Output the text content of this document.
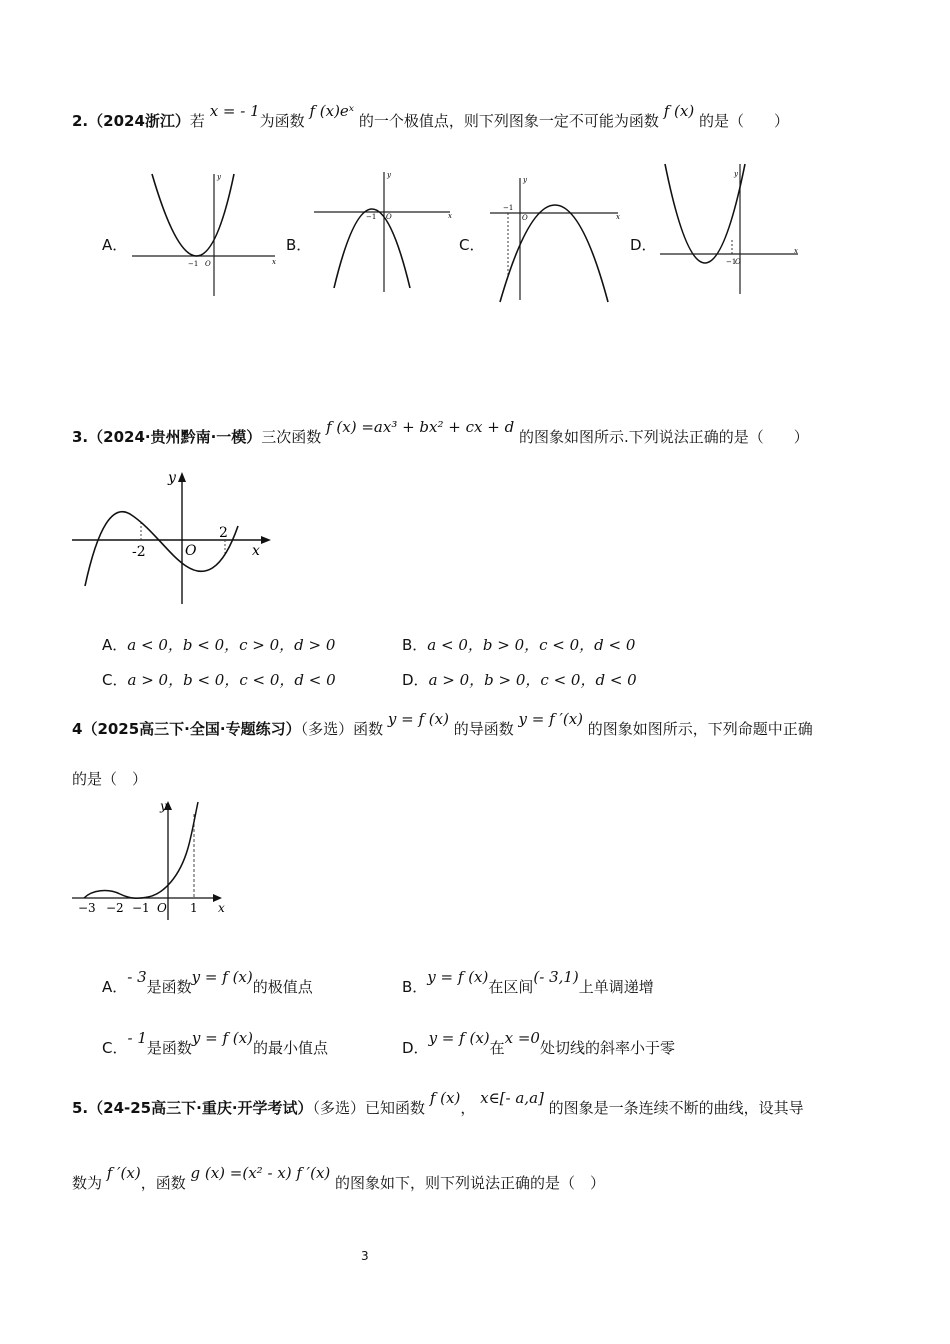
2.（2024浙江）若 x = - 1为函数 f (x)eˣ 的一个极值点，则下列图象一定不可能为函数 f (x) 的是（　　）
A．	B．	C．	D．
−1 O	x
y
−1 O	x
y
−1
O	x
y
−1
O
x
y
3.（2024·贵州黔南·一模）三次函数 f (x) =ax³ + bx² + cx + d 的图象如图所示.下列说法正确的是（　　）
y
x
-2	O
2
A．a < 0，b < 0，c > 0，d > 0	B．a < 0，b > 0，c < 0，d < 0
C．a > 0，b < 0，c < 0，d < 0	D．a > 0，b > 0，c < 0，d < 0
4（2025高三下·全国·专题练习）（多选）函数 y = f (x) 的导函数 y = f ′(x) 的图象如图所示，下列命题中正确
的是（　）
y
x
−3 −2 −1 O 1
A．- 3是函数y = f (x)的极值点	B．y = f (x)在区间(- 3,1)上单调递增
C．- 1是函数y = f (x)的最小值点	D．y = f (x)在x =0处切线的斜率小于零
5.（24-25高三下·重庆·开学考试）（多选）已知函数 f (x)， x∈[- a,a] 的图象是一条连续不断的曲线，设其导
数为 f ′(x)，函数 g (x) =(x² - x) f ′(x) 的图象如下，则下列说法正确的是（　）
3
